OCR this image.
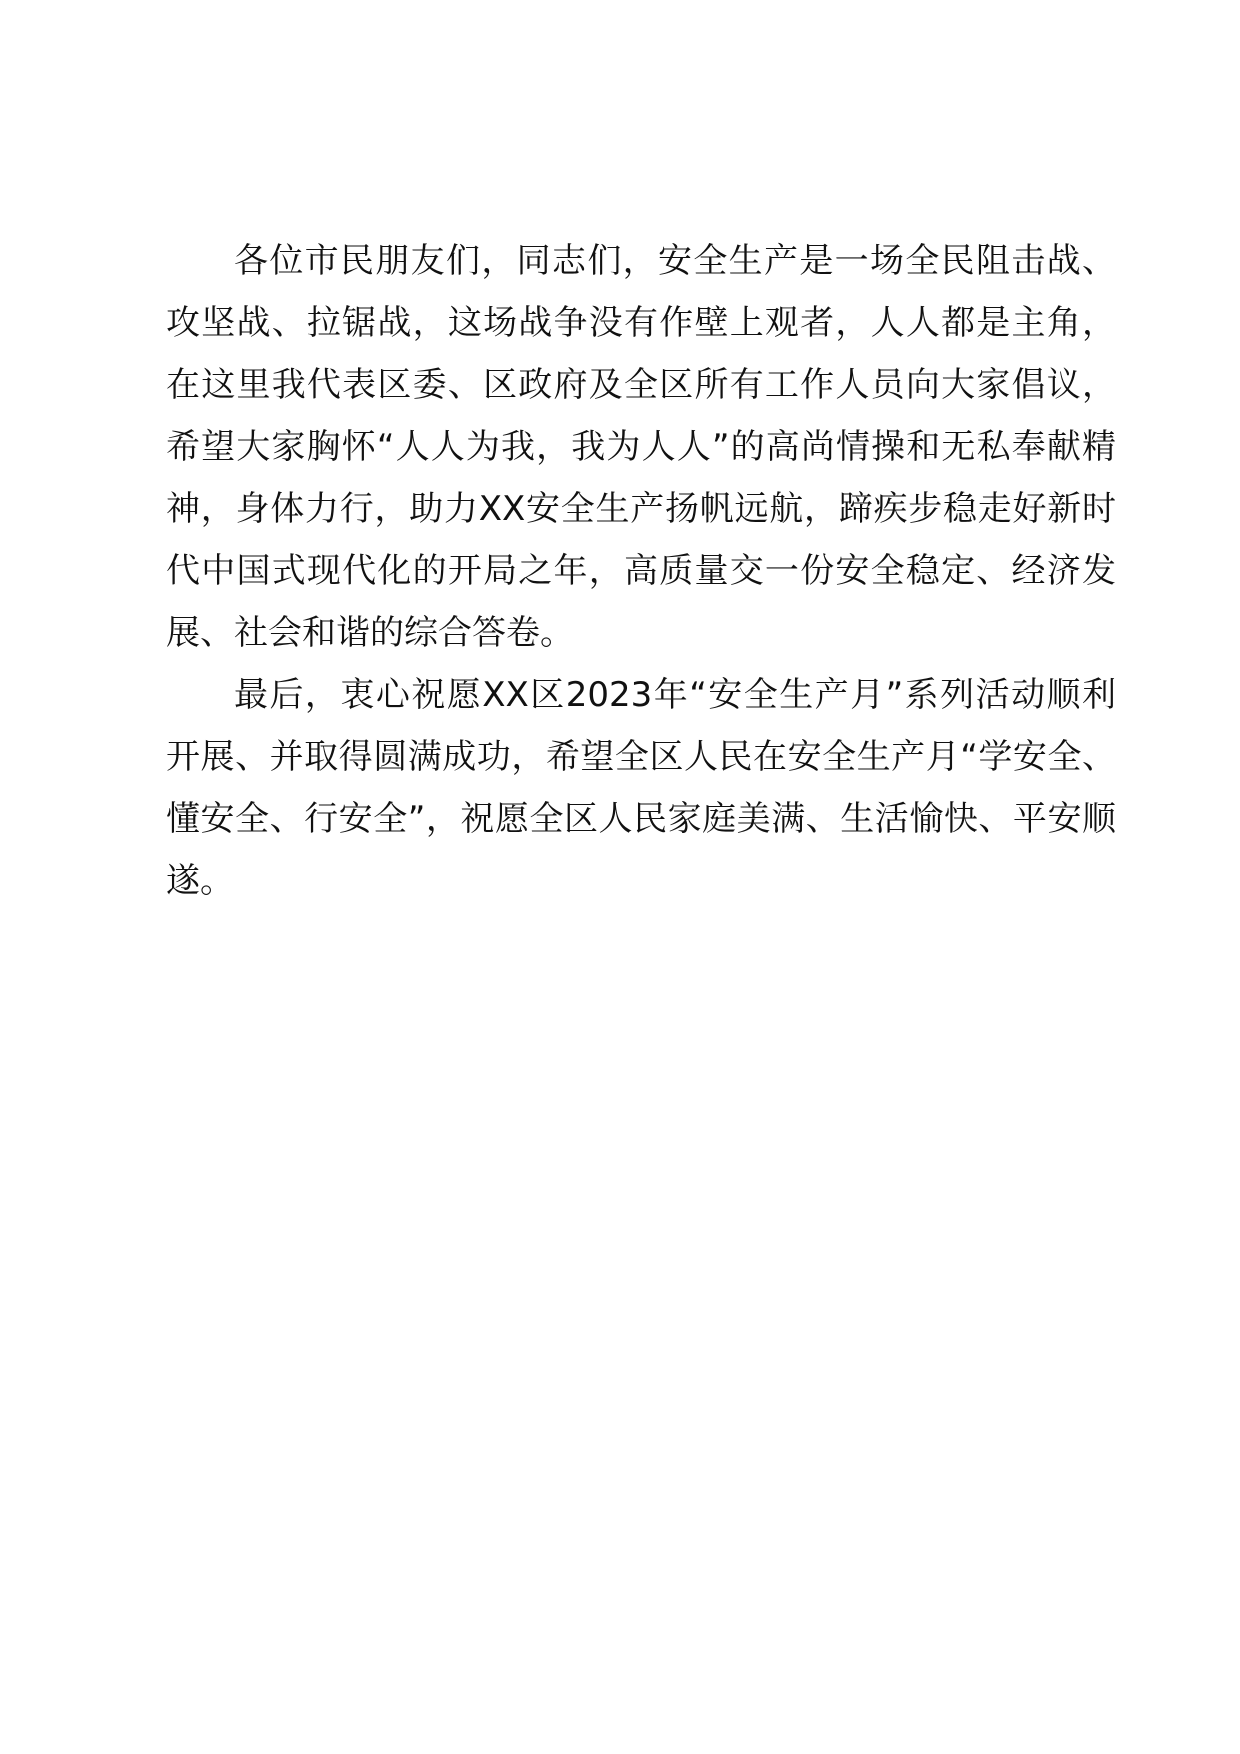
各位市民朋友们，同志们，安全生产是一场全民阻击战、攻坚战、拉锯战，这场战争没有作壁上观者，人人都是主角，在这里我代表区委、区政府及全区所有工作人员向大家倡议，希望大家胸怀“人人为我，我为人人”的高尚情操和无私奉献精神，身体力行，助力XX安全生产扬帆远航，蹄疾步稳走好新时代中国式现代化的开局之年，高质量交一份安全稳定、经济发展、社会和谐的综合答卷。

最后，衷心祝愿XX区2023年“安全生产月”系列活动顺利开展、并取得圆满成功，希望全区人民在安全生产月“学安全、懂安全、行安全”，祝愿全区人民家庭美满、生活愉快、平安顺遂。
